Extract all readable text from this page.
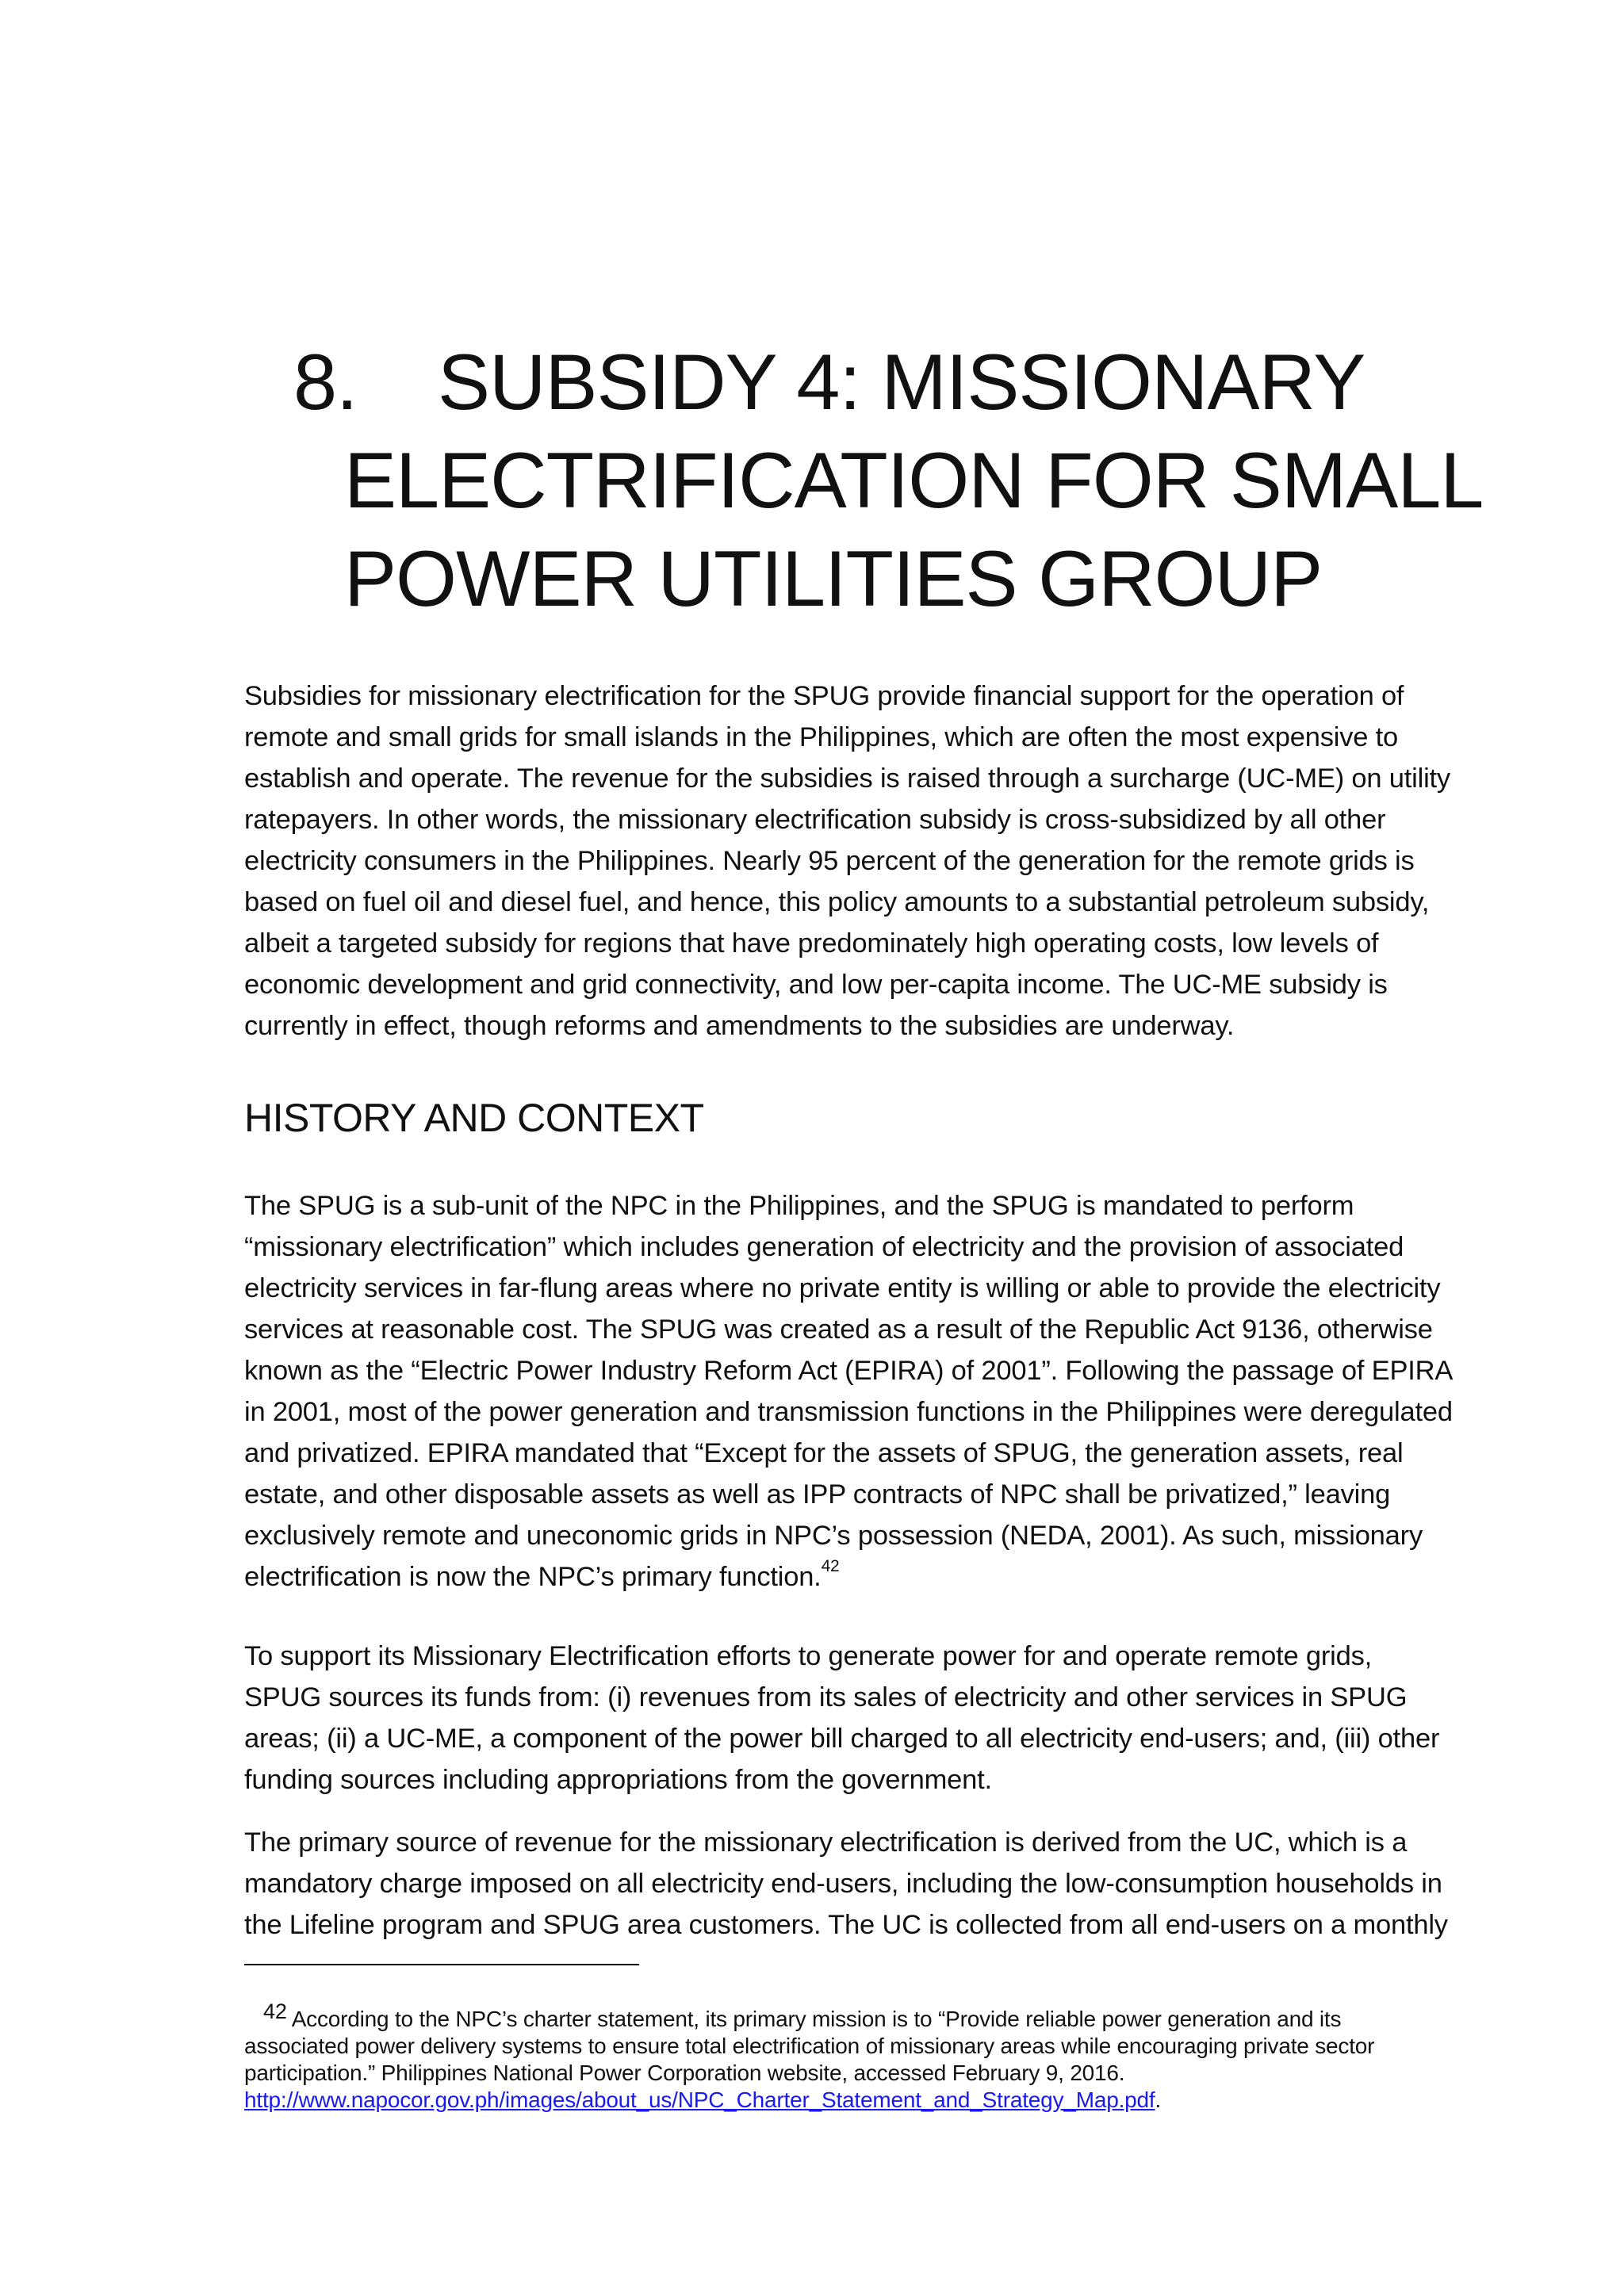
8. SUBSIDY 4: MISSIONARY
ELECTRIFICATION FOR SMALL
POWER UTILITIES GROUP

Subsidies for missionary electrification for the SPUG provide financial support for the operation of
remote and small grids for small islands in the Philippines, which are often the most expensive to
establish and operate. The revenue for the subsidies is raised through a surcharge (UC-ME) on utility
ratepayers. In other words, the missionary electrification subsidy is cross-subsidized by all other
electricity consumers in the Philippines. Nearly 95 percent of the generation for the remote grids is
based on fuel oil and diesel fuel, and hence, this policy amounts to a substantial petroleum subsidy,
albeit a targeted subsidy for regions that have predominately high operating costs, low levels of
economic development and grid connectivity, and low per-capita income. The UC-ME subsidy is
currently in effect, though reforms and amendments to the subsidies are underway.

HISTORY AND CONTEXT

The SPUG is a sub-unit of the NPC in the Philippines, and the SPUG is mandated to perform
“missionary electrification” which includes generation of electricity and the provision of associated
electricity services in far-flung areas where no private entity is willing or able to provide the electricity
services at reasonable cost. The SPUG was created as a result of the Republic Act 9136, otherwise
known as the “Electric Power Industry Reform Act (EPIRA) of 2001”. Following the passage of EPIRA
in 2001, most of the power generation and transmission functions in the Philippines were deregulated
and privatized. EPIRA mandated that “Except for the assets of SPUG, the generation assets, real
estate, and other disposable assets as well as IPP contracts of NPC shall be privatized,” leaving
exclusively remote and uneconomic grids in NPC’s possession (NEDA, 2001). As such, missionary
electrification is now the NPC’s primary function.$^{42}$

To support its Missionary Electrification efforts to generate power for and operate remote grids,
SPUG sources its funds from: (i) revenues from its sales of electricity and other services in SPUG
areas; (ii) a UC-ME, a component of the power bill charged to all electricity end-users; and, (iii) other
funding sources including appropriations from the government.

The primary source of revenue for the missionary electrification is derived from the UC, which is a
mandatory charge imposed on all electricity end-users, including the low-consumption households in
the Lifeline program and SPUG area customers. The UC is collected from all end-users on a monthly

42 According to the NPC’s charter statement, its primary mission is to “Provide reliable power generation and its
associated power delivery systems to ensure total electrification of missionary areas while encouraging private sector
participation.” Philippines National Power Corporation website, accessed February 9, 2016.
http://www.napocor.gov.ph/images/about_us/NPC_Charter_Statement_and_Strategy_Map.pdf.
